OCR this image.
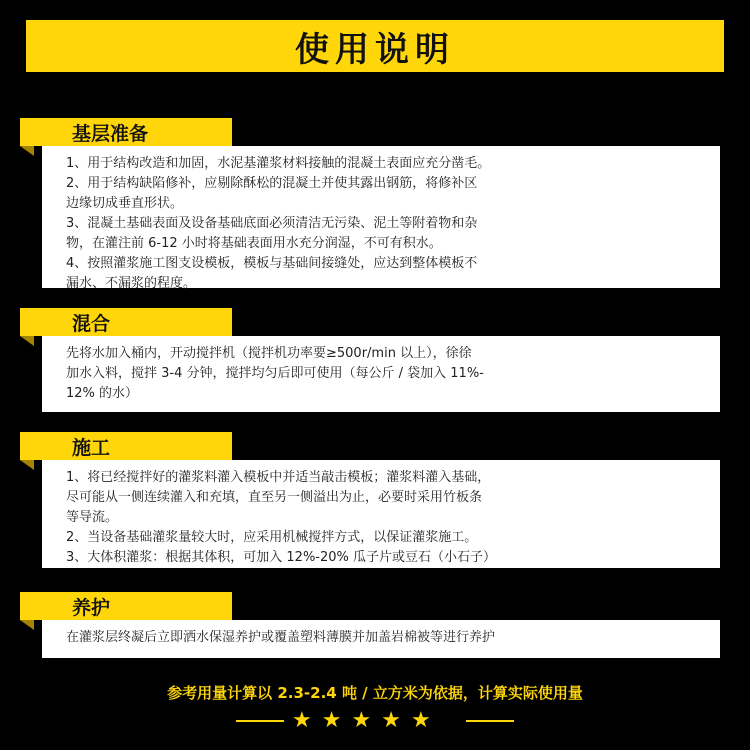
使用说明
基层准备

1、用于结构改造和加固，水泥基灌浆材料接触的混凝土表面应充分凿毛。

2、用于结构缺陷修补，应剔除酥松的混凝土并使其露出钢筋，将修补区

边缘切成垂直形状。

3、混凝土基础表面及设备基础底面必须清洁无污染、泥土等附着物和杂

物，在灌注前 6-12 小时将基础表面用水充分润湿，不可有积水。

4、按照灌浆施工图支设模板，模板与基础间接缝处，应达到整体模板不

漏水、不漏浆的程度。

混合

先将水加入桶内，开动搅拌机（搅拌机功率要≥500r/min 以上），徐徐

加水入料，搅拌 3-4 分钟，搅拌均匀后即可使用（每公斤 / 袋加入 11%-

12% 的水）

施工

1、将已经搅拌好的灌浆料灌入模板中并适当敲击模板；灌浆料灌入基础，

尽可能从一侧连续灌入和充填，直至另一侧溢出为止，必要时采用竹板条

等导流。

2、当设备基础灌浆量较大时，应采用机械搅拌方式，以保证灌浆施工。

3、大体积灌浆：根据其体积，可加入 12%-20% 瓜子片或豆石（小石子）

养护

在灌浆层终凝后立即洒水保湿养护或覆盖塑料薄膜并加盖岩棉被等进行养护

参考用量计算以 2.3-2.4 吨 / 立方米为依据，计算实际使用量
★ ★ ★ ★ ★
